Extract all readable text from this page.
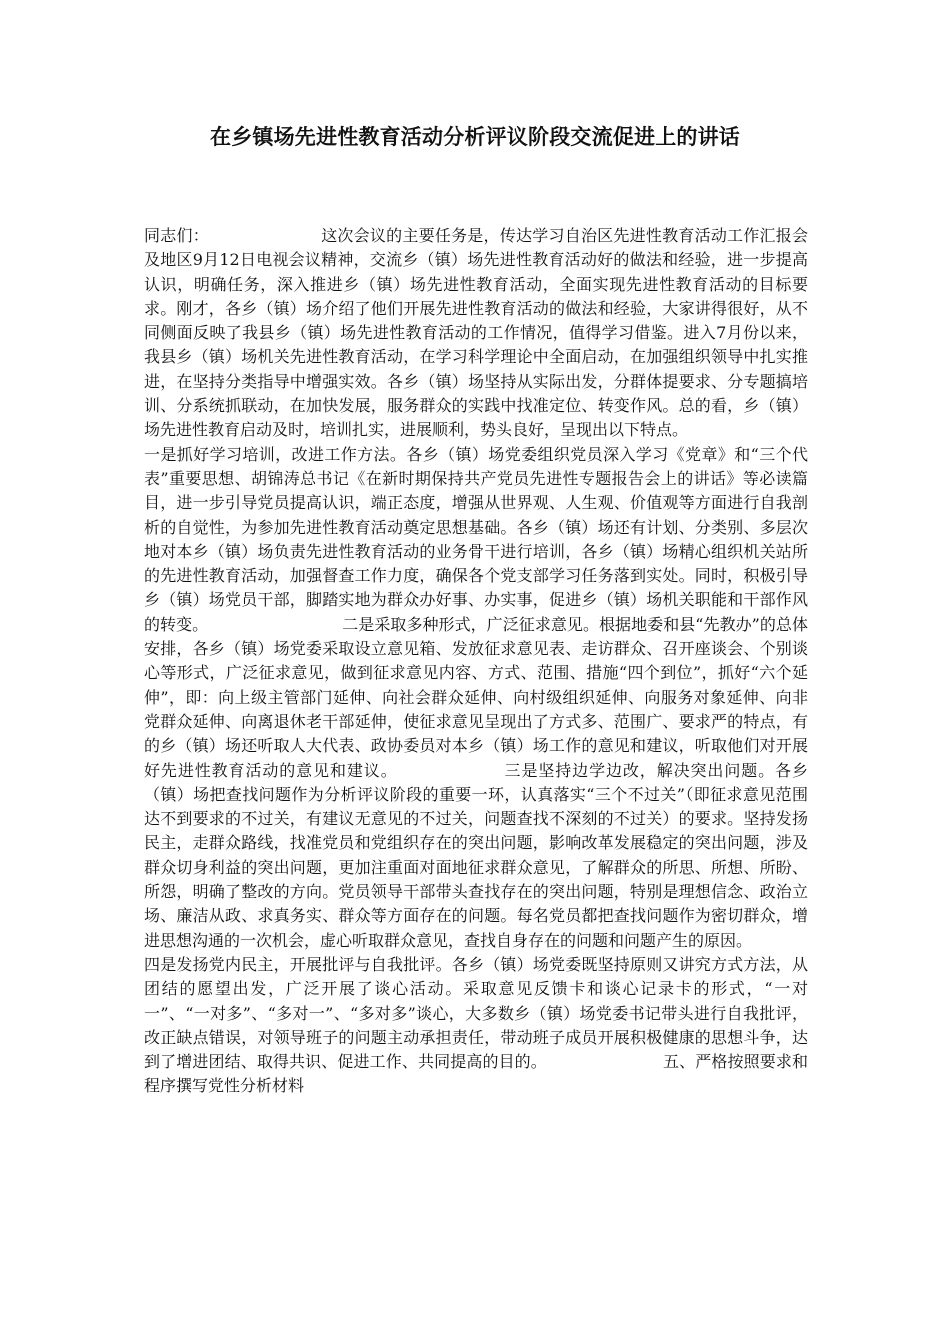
在乡镇场先进性教育活动分析评议阶段交流促进上的讲话
同志们：	这次会议的主要任务是，传达学习自治区先进性教育活动工作汇报会及地区9月12日电视会议精神，交流乡（镇）场先进性教育活动好的做法和经验，进一步提高认识，明确任务，深入推进乡（镇）场先进性教育活动，全面实现先进性教育活动的目标要求。刚才，各乡（镇）场介绍了他们开展先进性教育活动的做法和经验，大家讲得很好，从不同侧面反映了我县乡（镇）场先进性教育活动的工作情况，值得学习借鉴。进入7月份以来，我县乡（镇）场机关先进性教育活动，在学习科学理论中全面启动，在加强组织领导中扎实推进，在坚持分类指导中增强实效。各乡（镇）场坚持从实际出发，分群体提要求、分专题搞培训、分系统抓联动，在加快发展，服务群众的实践中找准定位、转变作风。总的看，乡（镇）场先进性教育启动及时，培训扎实，进展顺利，势头良好，呈现出以下特点。
一是抓好学习培训，改进工作方法。各乡（镇）场党委组织党员深入学习《党章》和“三个代表”重要思想、胡锦涛总书记《在新时期保持共产党员先进性专题报告会上的讲话》等必读篇目，进一步引导党员提高认识，端正态度，增强从世界观、人生观、价值观等方面进行自我剖析的自觉性，为参加先进性教育活动奠定思想基础。各乡（镇）场还有计划、分类别、多层次地对本乡（镇）场负责先进性教育活动的业务骨干进行培训，各乡（镇）场精心组织机关站所的先进性教育活动，加强督查工作力度，确保各个党支部学习任务落到实处。同时，积极引导乡（镇）场党员干部，脚踏实地为群众办好事、办实事，促进乡（镇）场机关职能和干部作风的转变。	二是采取多种形式，广泛征求意见。根据地委和县“先教办”的总体安排，各乡（镇）场党委采取设立意见箱、发放征求意见表、走访群众、召开座谈会、个别谈心等形式，广泛征求意见，做到征求意见内容、方式、范围、措施“四个到位”，抓好“六个延伸”，即：向上级主管部门延伸、向社会群众延伸、向村级组织延伸、向服务对象延伸、向非党群众延伸、向离退休老干部延伸，使征求意见呈现出了方式多、范围广、要求严的特点，有的乡（镇）场还听取人大代表、政协委员对本乡（镇）场工作的意见和建议，听取他们对开展好先进性教育活动的意见和建议。	三是坚持边学边改，解决突出问题。各乡（镇）场把查找问题作为分析评议阶段的重要一环，认真落实“三个不过关”（即征求意见范围达不到要求的不过关，有建议无意见的不过关，问题查找不深刻的不过关）的要求。坚持发扬民主，走群众路线，找准党员和党组织存在的突出问题，影响改革发展稳定的突出问题，涉及群众切身利益的突出问题，更加注重面对面地征求群众意见，了解群众的所思、所想、所盼、所怨，明确了整改的方向。党员领导干部带头查找存在的突出问题，特别是理想信念、政治立场、廉洁从政、求真务实、群众等方面存在的问题。每名党员都把查找问题作为密切群众，增进思想沟通的一次机会，虚心听取群众意见，查找自身存在的问题和问题产生的原因。
四是发扬党内民主，开展批评与自我批评。各乡（镇）场党委既坚持原则又讲究方式方法，从团结的愿望出发，广泛开展了谈心活动。采取意见反馈卡和谈心记录卡的形式，“一对一”、“一对多”、“多对一”、“多对多”谈心，大多数乡（镇）场党委书记带头进行自我批评，改正缺点错误，对领导班子的问题主动承担责任，带动班子成员开展积极健康的思想斗争，达到了增进团结、取得共识、促进工作、共同提高的目的。	五、严格按照要求和程序撰写党性分析材料
